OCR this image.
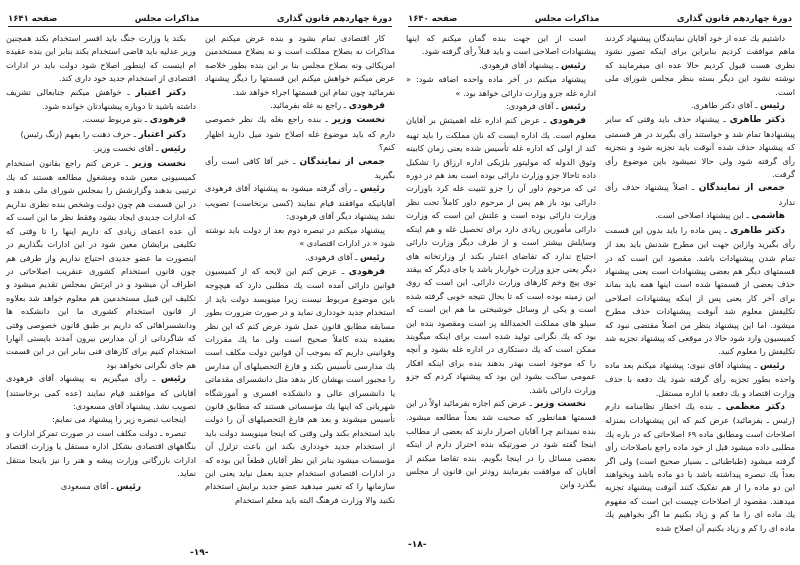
دورهٔ چهاردهم قانون گذاری
مذاکرات مجلس
صفحه ۱۶۴۱

کار اقتصادی تمام بشود و بنده عرض میکنم این مذاکرات نه بصلاح مملکت است و نه بصلاح مستخدمین امریکائی ونه بصلاح مجلس بنا بر این بنده بطور خلاصه عرض میکنم خواهش میکنم این قسمتها را دیگر پیشنهاد نفرمائید چون تمام این قسمتها اجراء خواهد شد.

فرهودی ـ راجع به غله بفرمائید.

نخست وزیر ـ بنده راجع بغله یك نظر خصوصی دارم که باید موضوع غله اصلاح شود میل دارید اظهار کنم؟

جمعی از نمایندگان ـ خیر آقا کافی است رأی بگیرید

رئیس ـ رأی گرفته میشود به پیشنهاد آقای فرهودی آقایانیکه موافقند قیام نمایند (کسی برنخاست) تصویب نشد پیشنهاد دیگر آقای فرهودی:

پیشنهاد میکنم در تبصره دوم بعد از دولت باید نوشته شود « در ادارات اقتصادی »

رئیس ـ آقای فرهودی.

فرهودی ـ عرض کنم این لایحه که از کمیسیون قوانین دارائی آمده است یك مطلبی دارد که هیچوجه باین موضوع مربوط نیست زیرا مینویسد دولت باید از استخدام جدید خودداری نماید و در صورت ضرورت بطور مسابقه مطابق قانون عمل شود عرض کنم که این نظر بعقیده بنده کاملاً صحیح است ولی ما یك مقررات وقوانینی داریم که بموجب آن قوانین دولت مکلف است یك مدارسی تأسیس بکند و فارغ التحصیلهای آن مدارس را مجبور است بهشان کار بدهد مثل دانشسرای مقدماتی یا دانشسرای عالی و دانشکده افسری و آموزشگاه شهربانی که اینها یك مؤسساتی هستند که مطابق قانون تأسیس میشوند و بعد هم فارغ التحصیلهای آن را دولت باید استخدام بکند ولی وقتی که اینجا مینویسد دولت باید از استخدام جدید خودداری بکند این باعث تزلزل آن مؤسسات میشود بنابر این نظر آقایان قطعاً این بوده که در ادارات اقتصادی استخدام جدید بعمل نیاید یعنی این سازمانها را که تغییر میدهید عضو جدید برایش استخدام نکنید والا وزارت فرهنگ البته باید معلم استخدام

بکند یا وزارت جنگ باید افسر استخدام بکند همچنین وزیر عدلیه باید قاضی استخدام بکند بنابر این بنده عقیده ام اینست که اینطور اصلاح شود دولت باید در ادارات اقتصادی از استخدام جدید خود داری کند.

دکتر اعتبار ـ خواهش میکنم جنابعالی تشریف داشته باشید تا دوباره پیشنهادتان خوانده شود.

فرهودی ـ بتو مربوط نیست.

دکتر اعتبار ـ حرف دهنت را بفهم (زنگ رئیس)

رئیس ـ آقای نخست وزیر.

نخست وزیر ـ عرض کنم راجع بقانون استخدام کمیسیونی معین شده ومشغول مطالعه هستند که یك ترتیبی بدهند وگزارشش را بمجلس شورای ملی بدهند و در این قسمت هم چون دولت وشخص بنده نظری نداریم که ادارات جدیدی ایجاد بشود وفقط نظر ما این است که آن عده اعضای زیادی که داریم اینها را تا وقتی که تکلیفی برایشان معین شود در این ادارات بگذاریم در اینصورت ما عضو جدیدی احتیاج نداریم واز طرفی هم چون قانون استخدام کشوری عنقریب اصلاحاتی در اطراف آن میشود و در ایرتش بمجلس تقدیم میشود و تکلیف این قبیل مستخدمین هم معلوم خواهد شد بعلاوه از قانون استخدام کشوری ما این دانشکده ها ودانشسراهائی که داریم بر طبق قانون خصوصی وقتی که شاگردانی از آن مدارس بیرون آمدند بایستی آنهارا استخدام کنیم برای کارهای فنی بنابر این در این قسمت هم جای نگرانی نخواهد بود

رئیس ـ رأی میگیریم به پیشنهاد آقای فرهودی آقایانی که موافقند قیام نمایند (عده کمی برخاستند) تصویب نشد. پیشنهاد آقای مسعودی:

اینجانب تبصره زیر را پیشنهاد می نمایم:

تبصره ـ دولت مکلف است در صورت تمرکز ادارات و بنگاههای اقتصادی بشکل اداره مستقل یا وزارت اقتصاد ادارات بازرگانی وزارت پیشه و هنر را نیز باینجا منتقل نماید.

رئیس ـ آقای مسعودی

-۱۹-
دورهٔ چهاردهم قانون گذاری
مذاکرات مجلس
صفحه ۱۶۴۰

داشتیم یك عده از خود آقایان نمایندگان پیشنهاد کردند ماهم موافقت کردیم بنابراین برای اینکه تصور نشود نظری هست قبول کردیم حالا عده ای میفرمایند که نوشته نشود این دیگر بسته بنظر مجلس شورای ملی است.

رئیس ـ آقای دکتر طاهری.

دکتر طاهری ـ پیشنهاد حذف باید وقتی که سایر پیشنهادها تمام شد و خواستند رأی بگیرند در هر قسمتی که پیشنهاد حذف شده آنوقت باید تجزیه شود و بتجزیه رأی گرفته شود ولی حالا نمیشود باین موضوع رأی گرفت.

جمعی از نمایندگان ـ اصلاً پیشنهاد حذف رأی ندارد

هاشمی ـ این پیشنهاد اصلاحی است.

دکتر طاهری ـ پس ماده را باید بدون این قسمت رأی بگیرید وازاین جهت این مطرح شدنش باید بعد از تمام شدن پیشنهادات باشد. مقصود این است که در قسمتهای دیگر هم بعضی پیشنهادات است یعنی پیشنهاد حذف بعضی از قسمتها شده است اینها همه باید بماند برای آخر کار یعنی پس از اینکه پیشنهادات اصلاحی تکلیفش معلوم شد آنوقت پیشنهادات حذف مطرح میشود. اما این پیشنهاد بنظر من اصلاً مقتضی نبود که کمیسیون وارد شود حالا در موقعی که پیشنهاد تجزیه شد تکلیفش را معلوم کنید.

رئیس ـ پیشنهاد آقای نبوی: پیشنهاد میکنم بعد ماده واحده بطور تجزیه رأی گرفته شود یك دفعه با حذف وزارت اقتصاد و یك دفعه با اداره مستقل.

دکتر معظمی ـ بنده یك اخطار نظامنامه دارم (رئیس ـ بفرمائید) عرض کنم که این پیشنهادات بمنزله اصلاحات است ومطابق ماده ۶۹ اصلاحاتی که در باره یك مطلبی داده میشود قبل از خود ماده راجع باصلاحات رأی گرفته میشود (طباطبائی ـ بسیار صحیح است) ولی اگر بعداً یك تبصره پیداشته باشد یا دو ماده باشد وبخواهند این دو ماده را از هم تفکیک کنند آنوقت پیشنهاد تجزیه میدهند. مقصود از اصلاحات چیست این است که مفهوم یك ماده ای را ما کم و زیاد بکنیم ما اگر بخواهیم یك ماده ای را کم و زیاد بکنیم آن اصلاح شده

است از این جهت بنده گمان میکنم که اینها پیشنهادات اصلاحی است و باید قبلاً رأی گرفته شود.

رئیس ـ پیشنهاد آقای فرهودی.

پیشنهاد میکنم در آخر ماده واحده اضافه شود: « اداره غله جزو وزارت دارائی خواهد بود. »

رئیس ـ آقای فرهودی:

فرهودی ـ عرض کنم اداره غله اهمیتش بر آقایان معلوم است. یك اداره ایست که نان مملکت را باید تهیه کند از اولی که اداره غله تأسیس شده یعنی زمان کابینه وثوق الدوله که مولیتور بلژیکی اداره ارزاق را تشکیل داده تاحالا جزو وزارت دارائی بوده است بعد هم در دوره ئی که مرحوم داور آن را جزو تثبیت غله کرد باوزارت دارائی بود باز هم پس از مرحوم داور کاملاً تحت نظر وزارت دارائی بوده است و علتش این است که وزارت دارائی مأمورین زیادی دارد برای تحصیل غله و هم اینکه وسایلش بیشتر است و از طرف دیگر وزارت دارائی احتیاج ندارد که تقاضای اعتبار بکند از وزارتخانه های دیگر یعنی جزو وزارت خواربار باشد یا جای دیگر که بیفتد توی پیچ وخم کارهای وزارت دارائی. این است که روی این زمینه بوده است که تا بحال نتیجه خوبی گرفته شده است و یکی از وسائل خوشبختی ما هم این است که سیلو های مملکت الحمدالله پر است ومقصود بنده این بود که یك نگرانی تولید شده است برای اینکه میگویند ممکن است که یك دستکاری در اداره غله بشود و آنچه را که موجود است بهدر بدهند بنده برای اینکه افکار عمومی ساکت بشود این بود که پیشنهاد کردم که جزو وزارت دارائی باشد.

نخست وزیر ـ عرض کنم اجازه بفرمائید اولاً در این قسمتها همانطور که صحبت شد بعداً مطالعه میشود. بنده نمیدانم چرا آقایان اصرار دارند که بعضی از مطالب اینجا گفته شود در صورتیکه بنده احتراز دارم از اینکه بعضی مسائل را در اینجا بگویم. بنده تقاضا میکنم از آقایان که موافقت بفرمایند زودتر این قانون از مجلس بگذرد واین

-۱۸-
